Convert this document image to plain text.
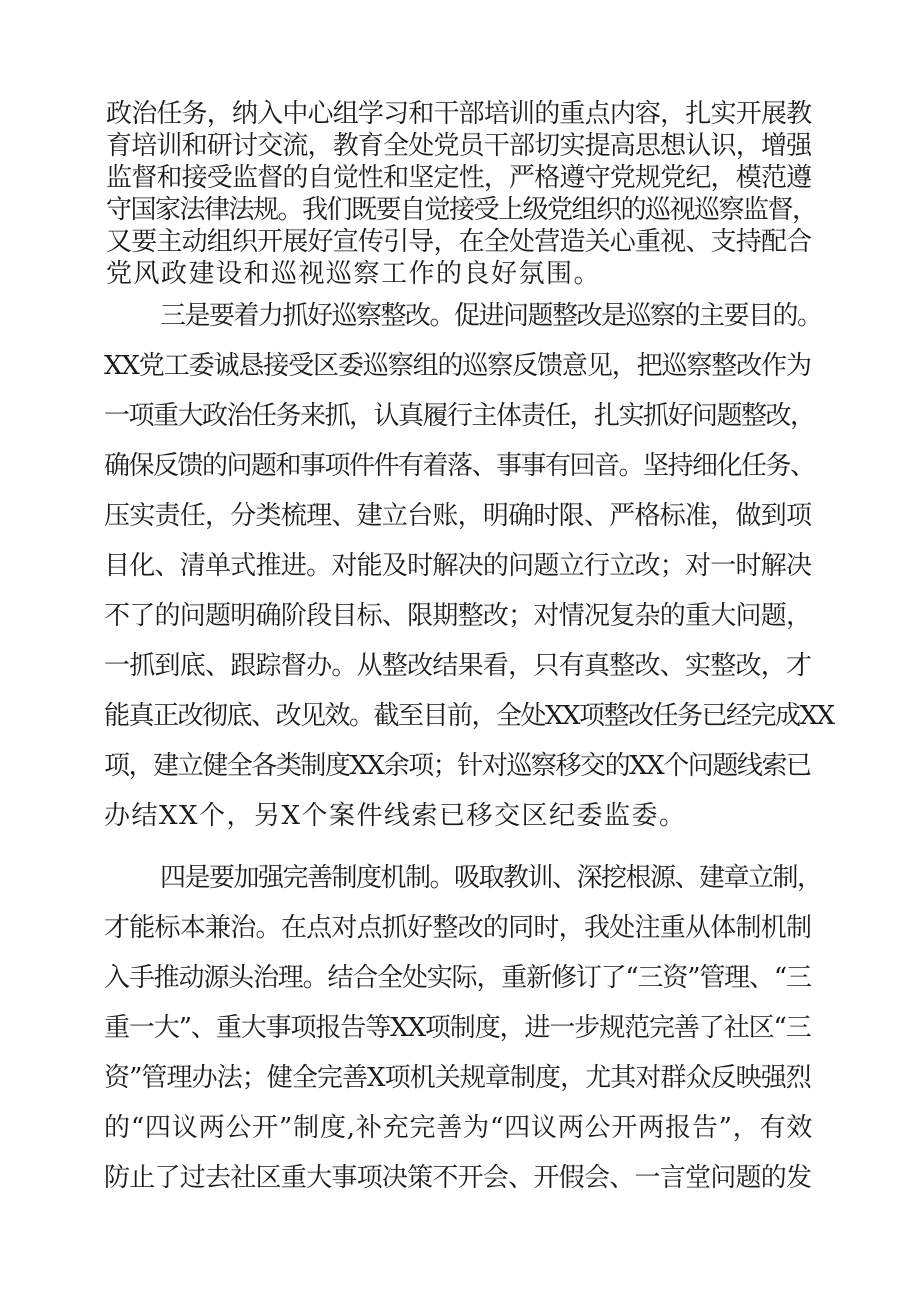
政治任务，纳入中心组学习和干部培训的重点内容，扎实开展教
育培训和研讨交流，教育全处党员干部切实提高思想认识，增强
监督和接受监督的自觉性和坚定性，严格遵守党规党纪，模范遵
守国家法律法规。我们既要自觉接受上级党组织的巡视巡察监督，
又要主动组织开展好宣传引导，在全处营造关心重视、支持配合
党风政建设和巡视巡察工作的良好氛围。
三是要着力抓好巡察整改。促进问题整改是巡察的主要目的。
XX党工委诚恳接受区委巡察组的巡察反馈意见，把巡察整改作为
一项重大政治任务来抓，认真履行主体责任，扎实抓好问题整改，
确保反馈的问题和事项件件有着落、事事有回音。坚持细化任务、
压实责任，分类梳理、建立台账，明确时限、严格标准，做到项
目化、清单式推进。对能及时解决的问题立行立改；对一时解决
不了的问题明确阶段目标、限期整改；对情况复杂的重大问题，
一抓到底、跟踪督办。从整改结果看，只有真整改、实整改，才
能真正改彻底、改见效。截至目前，全处XX项整改任务已经完成XX
项，建立健全各类制度XX余项；针对巡察移交的XX个问题线索已
办结XX个，另X个案件线索已移交区纪委监委。
四是要加强完善制度机制。吸取教训、深挖根源、建章立制，
才能标本兼治。在点对点抓好整改的同时，我处注重从体制机制
入手推动源头治理。结合全处实际，重新修订了“三资”管理、“三
重一大”、重大事项报告等XX项制度，进一步规范完善了社区“三
资”管理办法；健全完善X项机关规章制度，尤其对群众反映强烈
的“四议两公开”制度,补充完善为“四议两公开两报告”，有效
防止了过去社区重大事项决策不开会、开假会、一言堂问题的发
